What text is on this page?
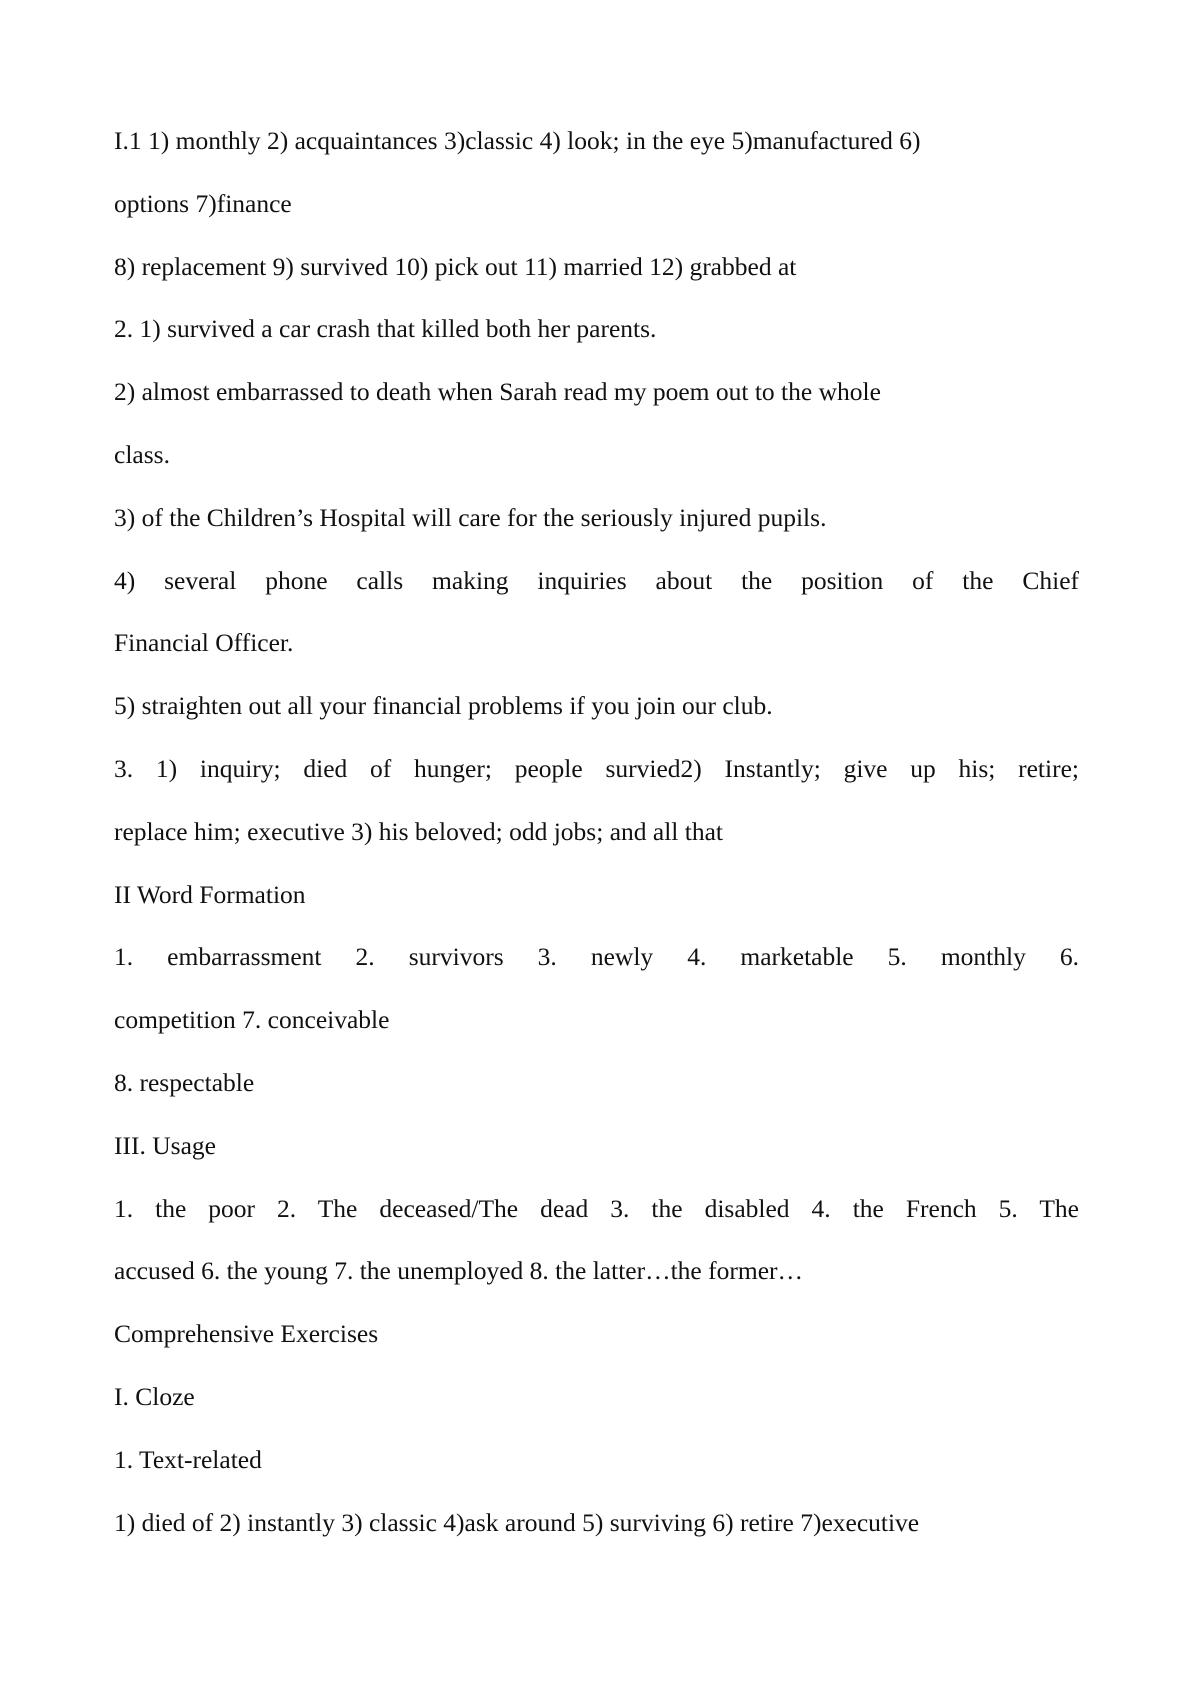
I.1 1) monthly 2) acquaintances 3)classic 4) look; in the eye 5)manufactured 6)
options 7)finance
8) replacement 9) survived 10) pick out 11) married 12) grabbed at
2. 1) survived a car crash that killed both her parents.
2) almost embarrassed to death when Sarah read my poem out to the whole
class.
3) of the Children’s Hospital will care for the seriously injured pupils.
4) several phone calls making inquiries about the position of the Chief
Financial Officer.
5) straighten out all your financial problems if you join our club.
3. 1) inquiry; died of hunger; people survied2) Instantly; give up his; retire;
replace him; executive 3) his beloved; odd jobs; and all that
II Word Formation
1. embarrassment 2. survivors 3. newly 4. marketable 5. monthly 6.
competition 7. conceivable
8. respectable
III. Usage
1. the poor 2. The deceased/The dead 3. the disabled 4. the French 5. The
accused 6. the young 7. the unemployed 8. the latter…the former…
Comprehensive Exercises
I. Cloze
1. Text-related
1) died of 2) instantly 3) classic 4)ask around 5) surviving 6) retire 7)executive
